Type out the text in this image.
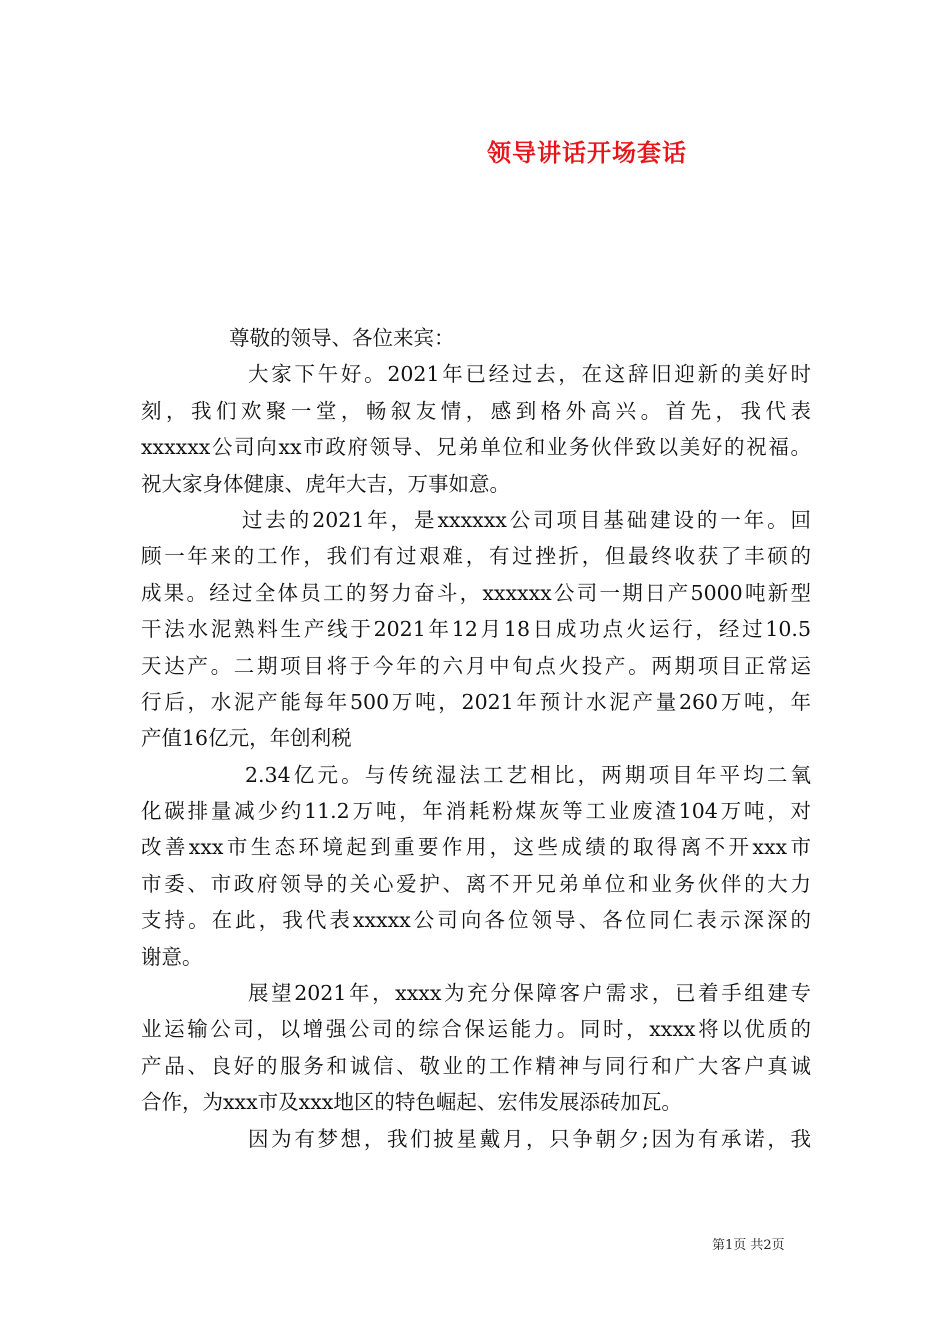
领导讲话开场套话
尊敬的领导、各位来宾：
大家下午好。2021年已经过去，在这辞旧迎新的美好时
刻，我们欢聚一堂，畅叙友情，感到格外高兴。首先，我代表
xxxxxx公司向xx市政府领导、兄弟单位和业务伙伴致以美好的祝福。
祝大家身体健康、虎年大吉，万事如意。
过去的2021年，是xxxxxx公司项目基础建设的一年。回
顾一年来的工作，我们有过艰难，有过挫折，但最终收获了丰硕的
成果。经过全体员工的努力奋斗，xxxxxx公司一期日产5000吨新型
干法水泥熟料生产线于2021年12月18日成功点火运行，经过10.5
天达产。二期项目将于今年的六月中旬点火投产。两期项目正常运
行后，水泥产能每年500万吨，2021年预计水泥产量260万吨，年
产值16亿元，年创利税
2.34亿元。与传统湿法工艺相比，两期项目年平均二氧
化碳排量减少约11.2万吨，年消耗粉煤灰等工业废渣104万吨，对
改善xxx市生态环境起到重要作用，这些成绩的取得离不开xxx市
市委、市政府领导的关心爱护、离不开兄弟单位和业务伙伴的大力
支持。在此，我代表xxxxx公司向各位领导、各位同仁表示深深的
谢意。
展望2021年，xxxx为充分保障客户需求，已着手组建专
业运输公司，以增强公司的综合保运能力。同时，xxxx将以优质的
产品、良好的服务和诚信、敬业的工作精神与同行和广大客户真诚
合作，为xxx市及xxx地区的特色崛起、宏伟发展添砖加瓦。
因为有梦想，我们披星戴月，只争朝夕;因为有承诺，我
第1页 共2页
